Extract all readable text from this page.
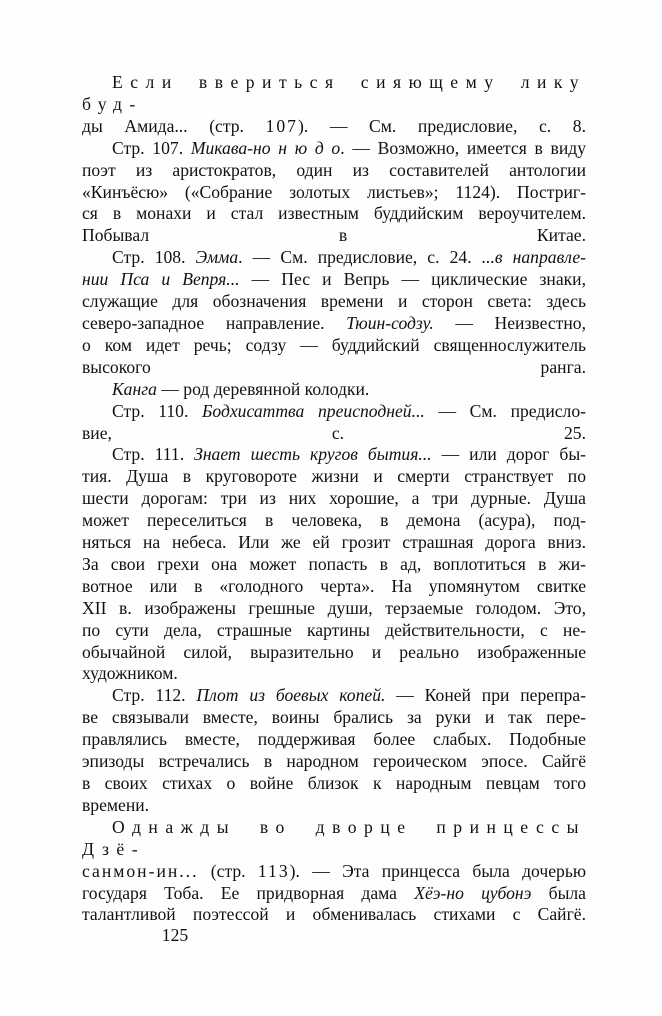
Если ввериться сияющему лику буд-
ды Амида... (стр. 107). — См. предисловие, с. 8.
Стр. 107. Микава-но н ю д о. — Возможно, имеется в виду
поэт из аристократов, один из составителей антологии
«Кинъёсю» («Собрание золотых листьев»; 1124). Постриг-
ся в монахи и стал известным буддийским вероучителем.
Побывал в Китае.
Стр. 108. Эмма. — См. предисловие, с. 24. ...в направле-
нии Пса и Вепря... — Пес и Вепрь — циклические знаки,
служащие для обозначения времени и сторон света: здесь
северо-западное направление. Тюин-содзу. — Неизвестно,
о ком идет речь; содзу — буддийский священнослужитель
высокого ранга.
Канга — род деревянной колодки.
Стр. 110. Бодхисаттва преисподней... — См. предисло-
вие, с. 25.
Стр. 111. Знает шесть кругов бытия... — или дорог бы-
тия. Душа в круговороте жизни и смерти странствует по
шести дорогам: три из них хорошие, а три дурные. Душа
может переселиться в человека, в демона (асура), под-
няться на небеса. Или же ей грозит страшная дорога вниз.
За свои грехи она может попасть в ад, воплотиться в жи-
вотное или в «голодного черта». На упомянутом свитке
XII в. изображены грешные души, терзаемые голодом. Это,
по сути дела, страшные картины действительности, с не-
обычайной силой, выразительно и реально изображенные
художником.
Стр. 112. Плот из боевых копей. — Коней при перепра-
ве связывали вместе, воины брались за руки и так пере-
правлялись вместе, поддерживая более слабых. Подобные
эпизоды встречались в народном героическом эпосе. Сайгё
в своих стихах о войне близок к народным певцам того
времени.
Однажды во дворце принцессы Дзё-
санмон-ин... (стр. 113). — Эта принцесса была дочерью
государя Тоба. Ее придворная дама Хёэ-но цубонэ была
талантливой поэтессой и обменивалась стихами с Сайгё.
125
